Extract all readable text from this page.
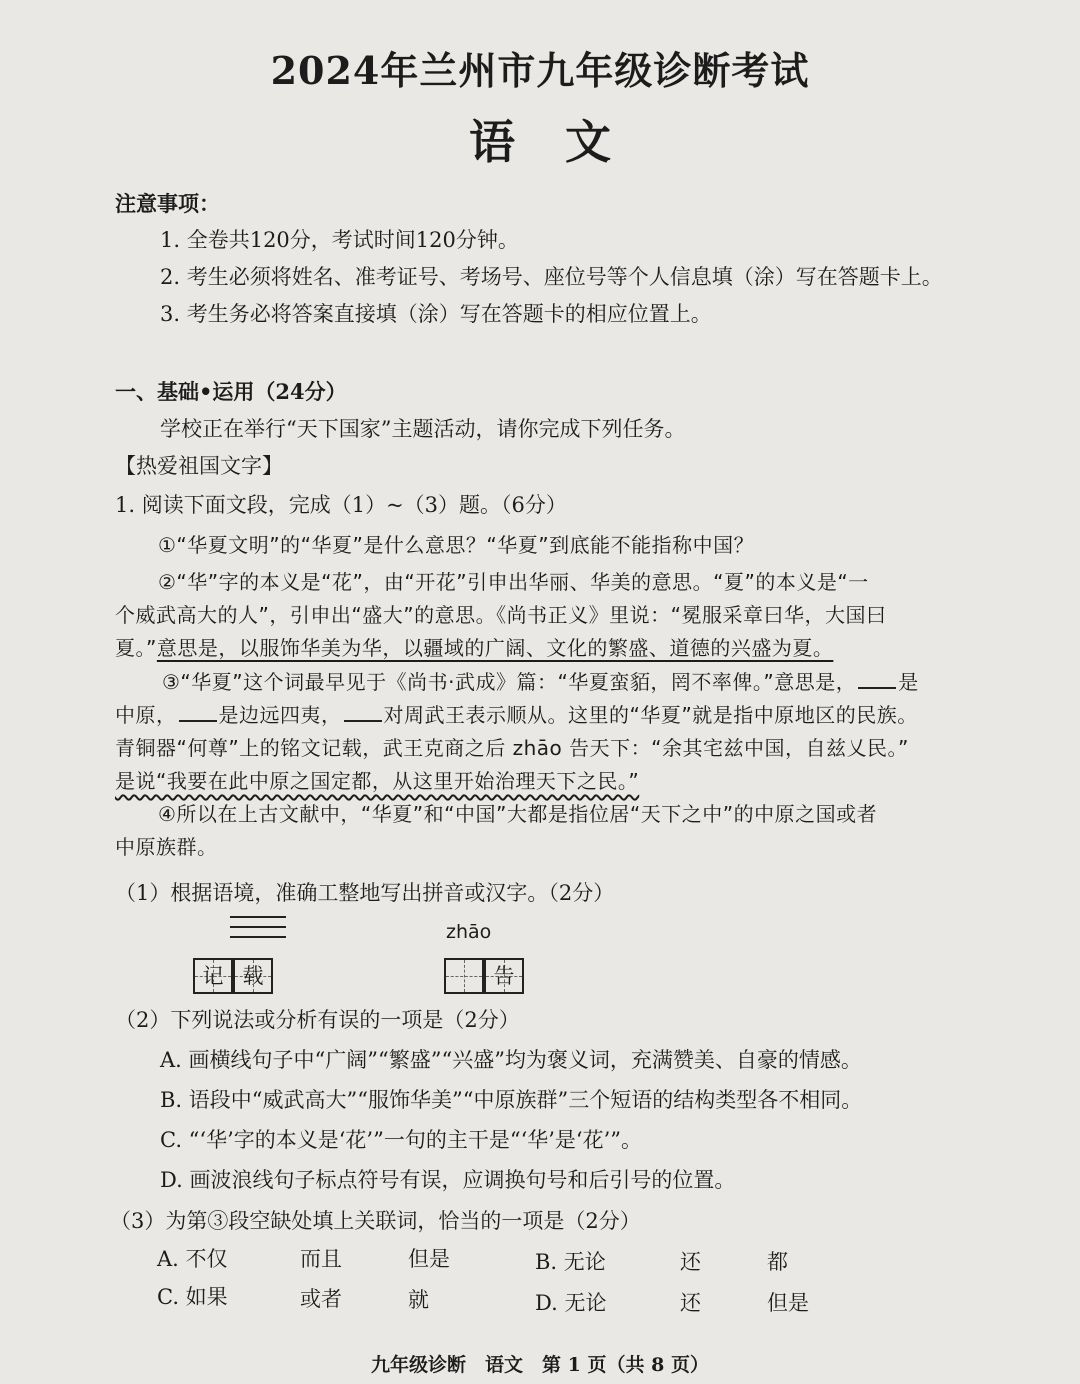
2024年兰州市九年级诊断考试
语文
注意事项：
1. 全卷共120分，考试时间120分钟。
2. 考生必须将姓名、准考证号、考场号、座位号等个人信息填（涂）写在答题卡上。
3. 考生务必将答案直接填（涂）写在答题卡的相应位置上。
一、基础•运用（24分）
学校正在举行“天下国家”主题活动，请你完成下列任务。
【热爱祖国文字】
1. 阅读下面文段，完成（1）~（3）题。（6分）
①“华夏文明”的“华夏”是什么意思？“华夏”到底能不能指称中国？
②“华”字的本义是“花”，由“开花”引申出华丽、华美的意思。“夏”的本义是“一
个威武高大的人”，引申出“盛大”的意思。《尚书正义》里说：“冕服采章曰华，大国曰
夏。”意思是，以服饰华美为华，以疆域的广阔、文化的繁盛、道德的兴盛为夏。
③“华夏”这个词最早见于《尚书·武成》篇：“华夏蛮貊，罔不率俾。”意思是， 是
中原， 是边远四夷， 对周武王表示顺从。这里的“华夏”就是指中原地区的民族。
青铜器“何尊”上的铭文记载，武王克商之后 zhāo 告天下：“余其宅兹中国，自兹乂民。”
是说“我要在此中原之国定都，从这里开始治理天下之民。”
④所以在上古文献中，“华夏”和“中国”大都是指位居“天下之中”的中原之国或者
中原族群。
（1）根据语境，准确工整地写出拼音或汉字。（2分）
记 载
zhāo
告
（2）下列说法或分析有误的一项是（2分）
A. 画横线句子中“广阔”“繁盛”“兴盛”均为褒义词，充满赞美、自豪的情感。
B. 语段中“威武高大”“服饰华美”“中原族群”三个短语的结构类型各不相同。
C. “‘华’字的本义是‘花’”一句的主干是“‘华’是‘花’”。
D. 画波浪线句子标点符号有误，应调换句号和后引号的位置。
（3）为第③段空缺处填上关联词，恰当的一项是（2分）
A. 不仅	而且	但是	B. 无论	还	都
C. 如果	或者	就	D. 无论	还	但是
九年级诊断　语文　第 1 页（共 8 页）
